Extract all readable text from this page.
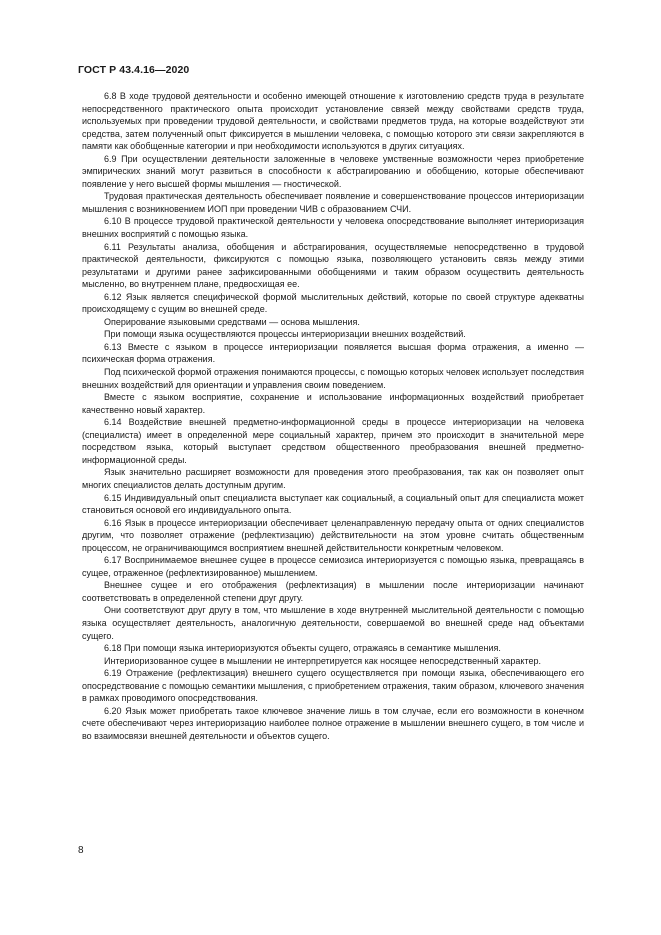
ГОСТ Р 43.4.16—2020

6.8 В ходе трудовой деятельности и особенно имеющей отношение к изготовлению средств труда в результате непосредственного практического опыта происходит установление связей между свойствами средств труда, используемых при проведении трудовой деятельности, и свойствами предметов труда, на которые воздействуют эти средства, затем полученный опыт фиксируется в мышлении человека, с помощью которого эти связи закрепляются в памяти как обобщенные категории и при необходимости используются в других ситуациях.

6.9 При осуществлении деятельности заложенные в человеке умственные возможности через приобретение эмпирических знаний могут развиться в способности к абстрагированию и обобщению, которые обеспечивают появление у него высшей формы мышления — гностической.

Трудовая практическая деятельность обеспечивает появление и совершенствование процессов интериоризации мышления с возникновением ИОП при проведении ЧИВ с образованием СЧИ.

6.10 В процессе трудовой практической деятельности у человека опосредствование выполняет интериоризация внешних восприятий с помощью языка.

6.11 Результаты анализа, обобщения и абстрагирования, осуществляемые непосредственно в трудовой практической деятельности, фиксируются с помощью языка, позволяющего установить связь между этими результатами и другими ранее зафиксированными обобщениями и таким образом осуществить деятельность мысленно, во внутреннем плане, предвосхищая ее.

6.12 Язык является специфической формой мыслительных действий, которые по своей структуре адекватны происходящему с сущим во внешней среде.

Оперирование языковыми средствами — основа мышления.

При помощи языка осуществляются процессы интериоризации внешних воздействий.

6.13 Вместе с языком в процессе интериоризации появляется высшая форма отражения, а именно — психическая форма отражения.

Под психической формой отражения понимаются процессы, с помощью которых человек использует последствия внешних воздействий для ориентации и управления своим поведением.

Вместе с языком восприятие, сохранение и использование информационных воздействий приобретает качественно новый характер.

6.14 Воздействие внешней предметно-информационной среды в процессе интериоризации на человека (специалиста) имеет в определенной мере социальный характер, причем это происходит в значительной мере посредством языка, который выступает средством общественного преобразования внешней предметно-информационной среды.

Язык значительно расширяет возможности для проведения этого преобразования, так как он позволяет опыт многих специалистов делать доступным другим.

6.15 Индивидуальный опыт специалиста выступает как социальный, а социальный опыт для специалиста может становиться основой его индивидуального опыта.

6.16 Язык в процессе интериоризации обеспечивает целенаправленную передачу опыта от одних специалистов другим, что позволяет отражение (рефлектизацию) действительности на этом уровне считать общественным процессом, не ограничивающимся восприятием внешней действительности конкретным человеком.

6.17 Воспринимаемое внешнее сущее в процессе семиозиса интериоризуется с помощью языка, превращаясь в сущее, отраженное (рефлектизированное) мышлением.

Внешнее сущее и его отображения (рефлектизация) в мышлении после интериоризации начинают соответствовать в определенной степени друг другу.

Они соответствуют друг другу в том, что мышление в ходе внутренней мыслительной деятельности с помощью языка осуществляет деятельность, аналогичную деятельности, совершаемой во внешней среде над объектами сущего.

6.18 При помощи языка интериоризуются объекты сущего, отражаясь в семантике мышления.

Интериоризованное сущее в мышлении не интерпретируется как носящее непосредственный характер.

6.19 Отражение (рефлектизация) внешнего сущего осуществляется при помощи языка, обеспечивающего его опосредствование с помощью семантики мышления, с приобретением отражения, таким образом, ключевого значения в рамках проводимого опосредствования.

6.20 Язык может приобретать такое ключевое значение лишь в том случае, если его возможности в конечном счете обеспечивают через интериоризацию наиболее полное отражение в мышлении внешнего сущего, в том числе и во взаимосвязи внешней деятельности и объектов сущего.

8
